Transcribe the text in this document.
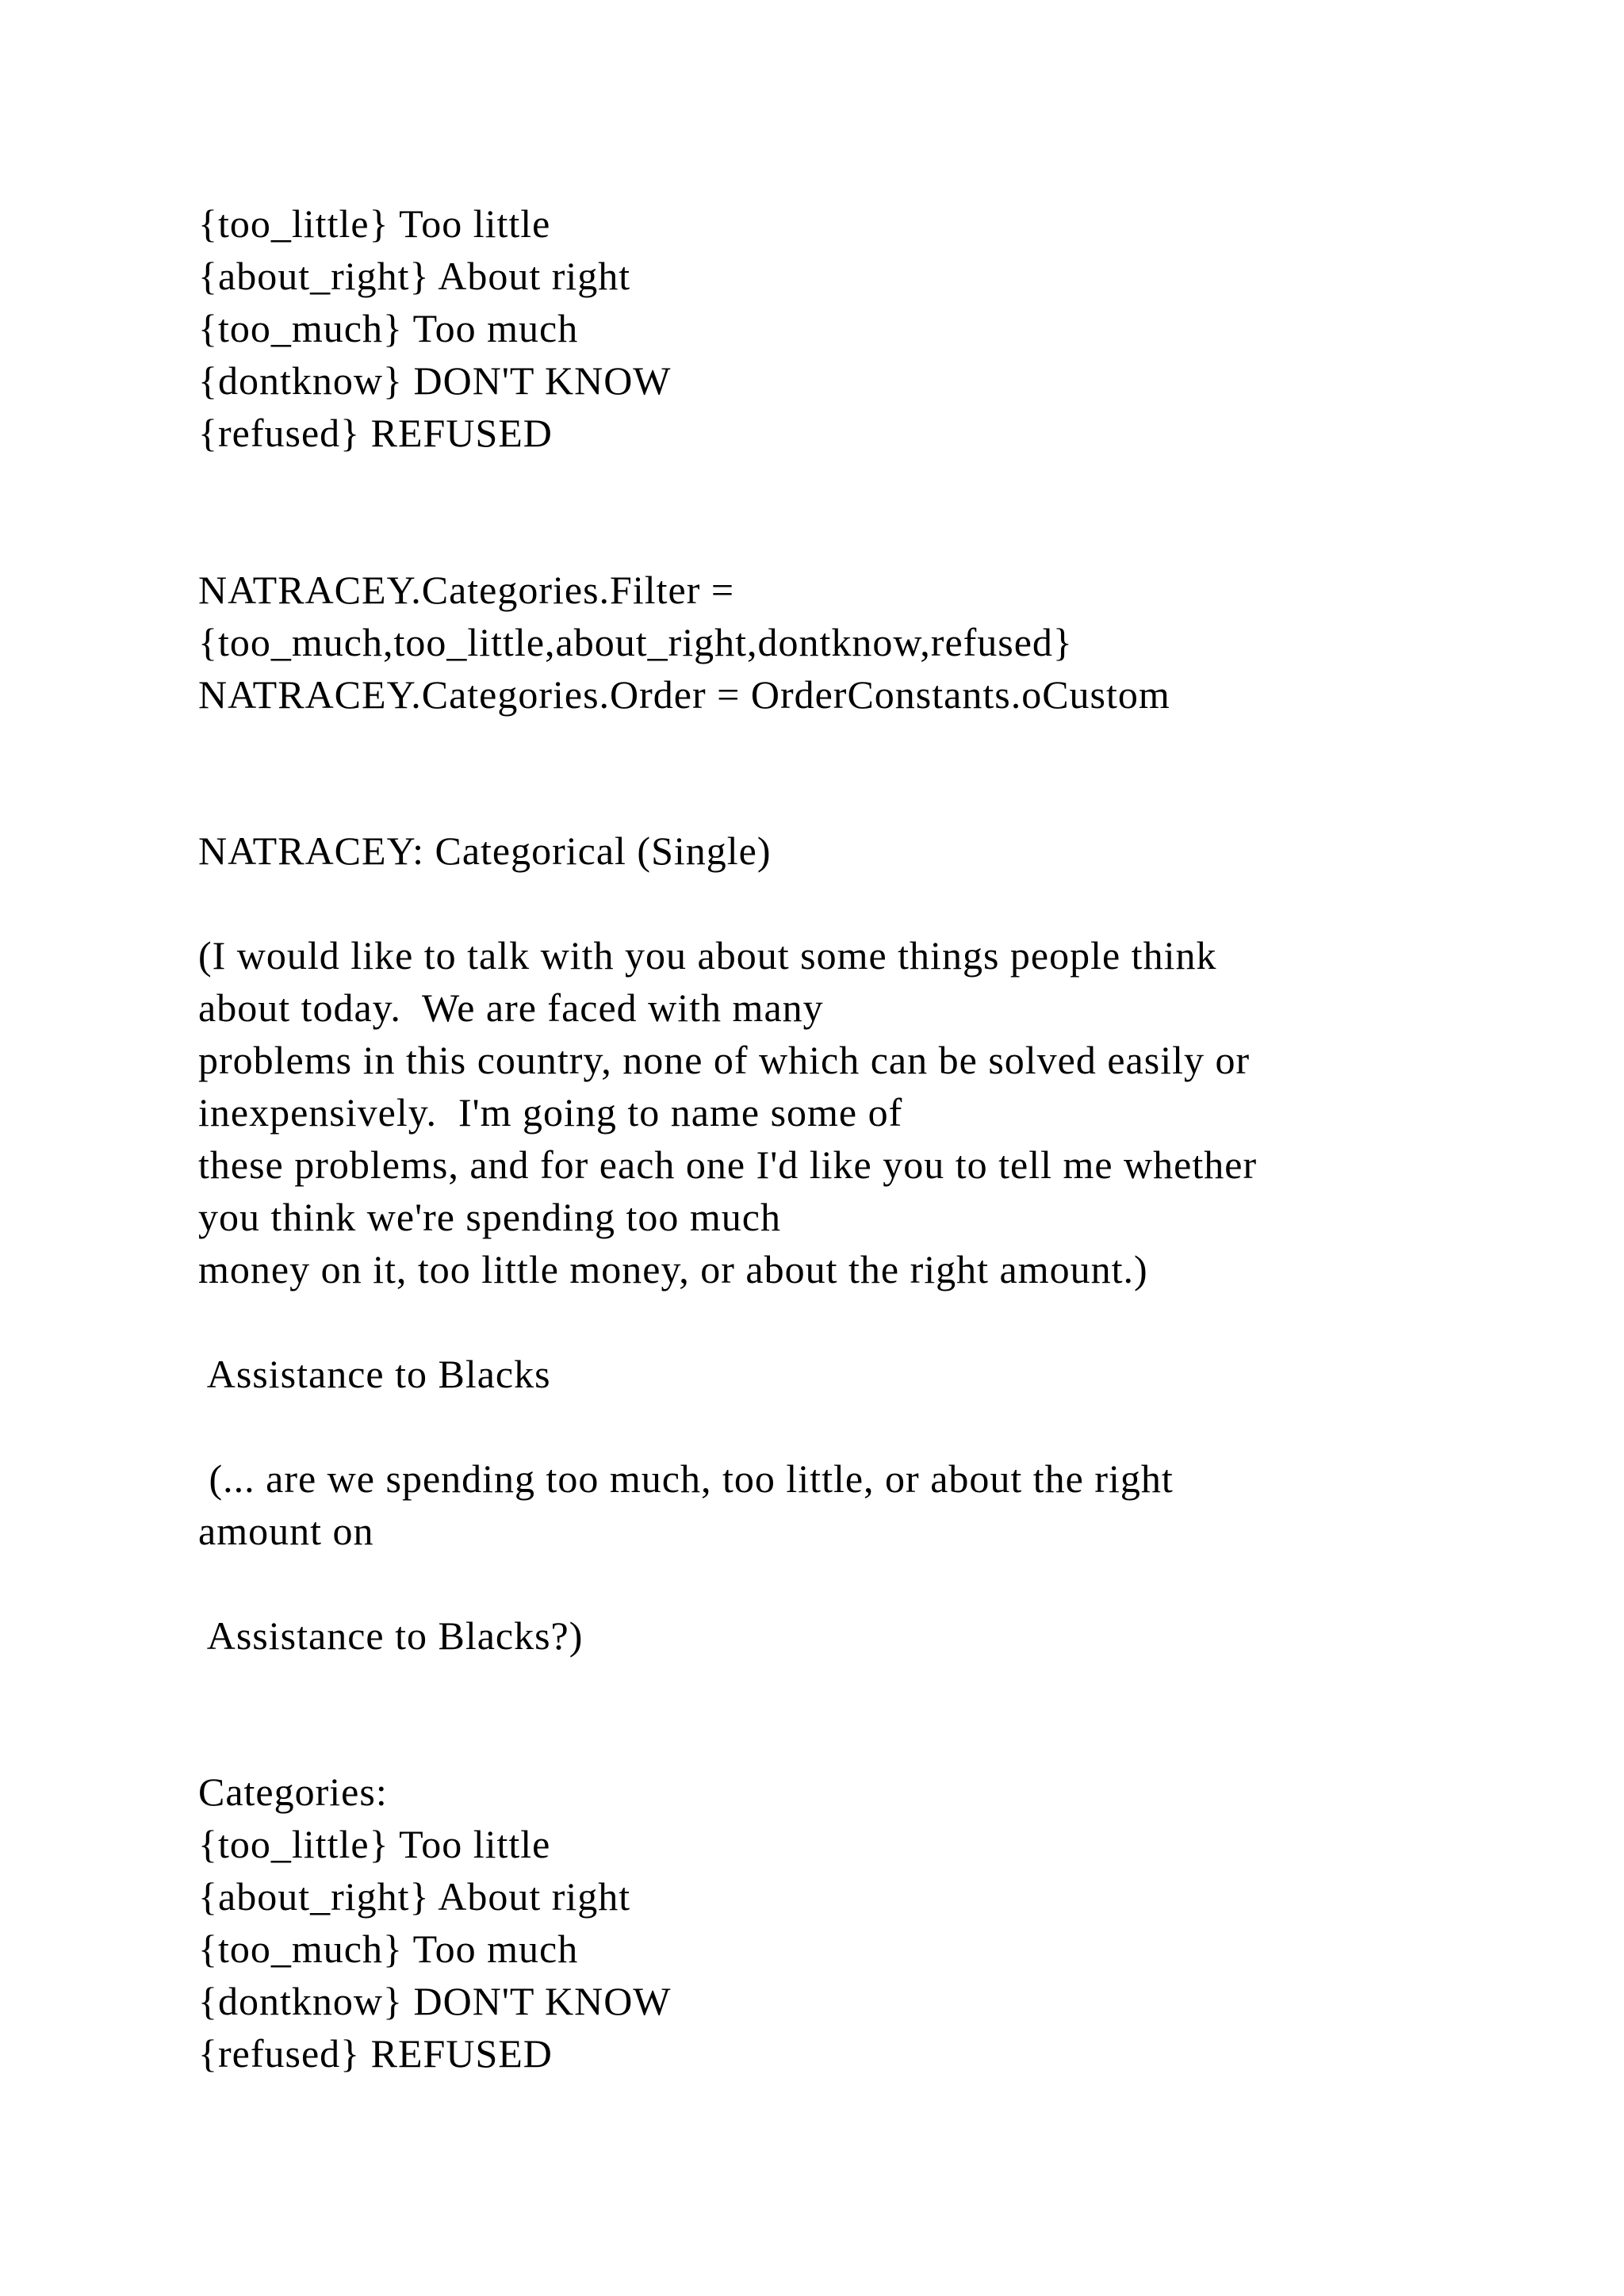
{too_little} Too little

{about_right} About right

{too_much} Too much

{dontknow} DON'T KNOW

{refused} REFUSED

NATRACEY.Categories.Filter =

{too_much,too_little,about_right,dontknow,refused}

NATRACEY.Categories.Order = OrderConstants.oCustom

NATRACEY: Categorical (Single)

(I would like to talk with you about some things people think

about today.  We are faced with many

problems in this country, none of which can be solved easily or

inexpensively.  I'm going to name some of

these problems, and for each one I'd like you to tell me whether

you think we're spending too much

money on it, too little money, or about the right amount.)

Assistance to Blacks

(... are we spending too much, too little, or about the right

amount on

Assistance to Blacks?)

Categories:

{too_little} Too little

{about_right} About right

{too_much} Too much

{dontknow} DON'T KNOW

{refused} REFUSED
